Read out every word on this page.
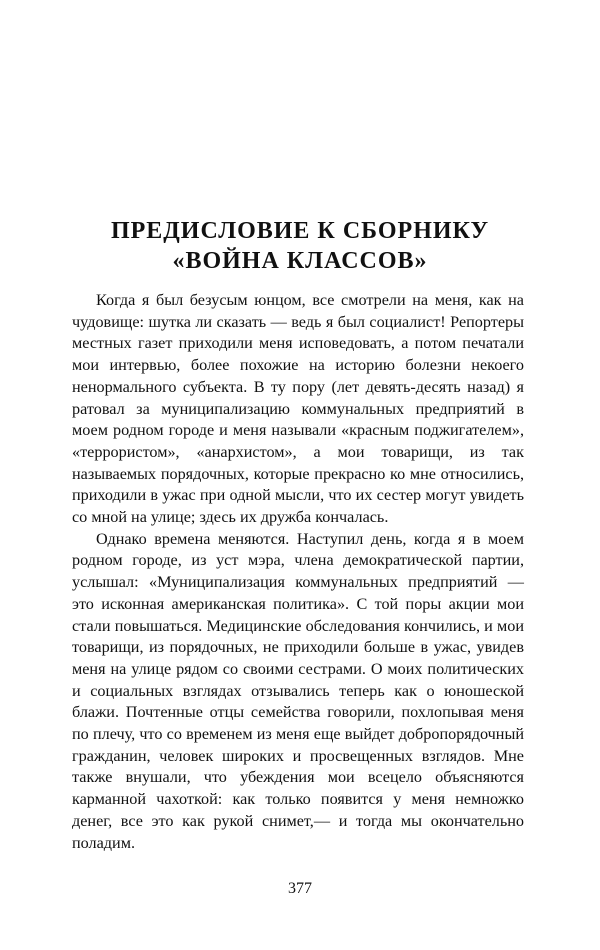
ПРЕДИСЛОВИЕ К СБОРНИКУ
«ВОЙНА КЛАССОВ»

Когда я был безусым юнцом, все смотрели на меня, как на чудовище: шутка ли сказать — ведь я был социалист! Репортеры местных газет приходили меня исповедовать, а потом печатали мои интервью, более похожие на историю болезни некоего ненормального субъекта. В ту пору (лет девять-десять назад) я ратовал за муниципализацию коммунальных предприятий в моем родном городе и меня называли «красным поджигателем», «террористом», «анархистом», а мои товарищи, из так называемых порядочных, которые прекрасно ко мне относились, приходили в ужас при одной мысли, что их сестер могут увидеть со мной на улице; здесь их дружба кончалась.

Однако времена меняются. Наступил день, когда я в моем родном городе, из уст мэра, члена демократической партии, услышал: «Муниципализация коммунальных предприятий — это исконная американская политика». С той поры акции мои стали повышаться. Медицинские обследования кончились, и мои товарищи, из порядочных, не приходили больше в ужас, увидев меня на улице рядом со своими сестрами. О моих политических и социальных взглядах отзывались теперь как о юношеской блажи. Почтенные отцы семейства говорили, похлопывая меня по плечу, что со временем из меня еще выйдет добропорядочный гражданин, человек широких и просвещенных взглядов. Мне также внушали, что убеждения мои всецело объясняются карманной чахоткой: как только появится у меня немножко денег, все это как рукой снимет,— и тогда мы окончательно поладим.

377
